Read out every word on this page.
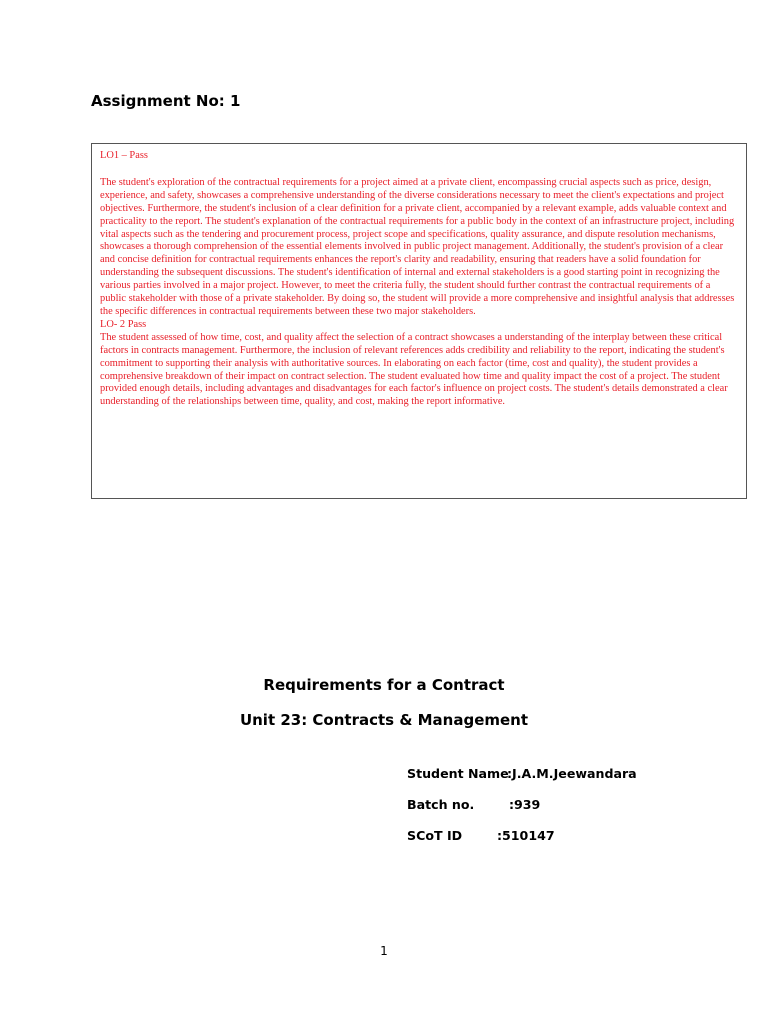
Assignment No: 1

LO1 – Pass

The student's exploration of the contractual requirements for a project aimed at a private client, encompassing crucial aspects such as price, design, experience, and safety, showcases a comprehensive understanding of the diverse considerations necessary to meet the client's expectations and project objectives. Furthermore, the student's inclusion of a clear definition for a private client, accompanied by a relevant example, adds valuable context and practicality to the report. The student's explanation of the contractual requirements for a public body in the context of an infrastructure project, including vital aspects such as the tendering and procurement process, project scope and specifications, quality assurance, and dispute resolution mechanisms, showcases a thorough comprehension of the essential elements involved in public project management. Additionally, the student's provision of a clear and concise definition for contractual requirements enhances the report's clarity and readability, ensuring that readers have a solid foundation for understanding the subsequent discussions. The student's identification of internal and external stakeholders is a good starting point in recognizing the various parties involved in a major project. However, to meet the criteria fully, the student should further contrast the contractual requirements of a public stakeholder with those of a private stakeholder. By doing so, the student will provide a more comprehensive and insightful analysis that addresses the specific differences in contractual requirements between these two major stakeholders.

LO- 2 Pass

The student assessed of how time, cost, and quality affect the selection of a contract showcases a understanding of the interplay between these critical factors in contracts management. Furthermore, the inclusion of relevant references adds credibility and reliability to the report, indicating the student's commitment to supporting their analysis with authoritative sources. In elaborating on each factor (time, cost and quality), the student provides a comprehensive breakdown of their impact on contract selection. The student evaluated how time and quality impact the cost of a project. The student provided enough details, including advantages and disadvantages for each factor's influence on project costs. The student's details demonstrated a clear understanding of the relationships between time, quality, and cost, making the report informative.

Requirements for a Contract
Unit 23: Contracts & Management
Student Name
:J.A.M.Jeewandara
Batch no.	:939
SCoT ID	:510147
1
